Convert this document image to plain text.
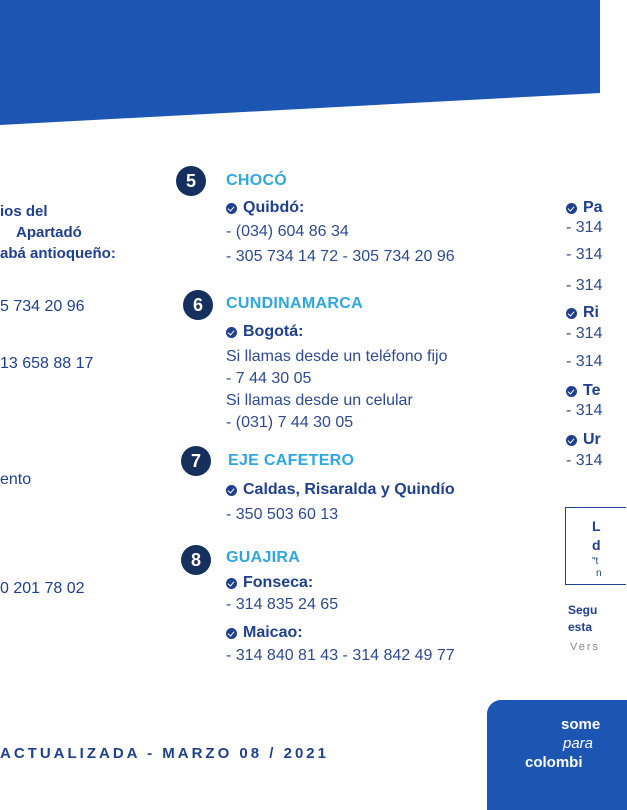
ios del
Apartadó
abá antioqueño:
5 734 20 96
13 658 88 17
ento
0 201 78 02
5	CHOCÓ
Quibdó:
- (034) 604 86 34
- 305 734 14 72 - 305 734 20 96
6	CUNDINAMARCA
Bogotá:
Si llamas desde un teléfono fijo
- 7 44 30 05
Si llamas desde un celular
- (031) 7 44 30 05
7	EJE CAFETERO
Caldas, Risaralda y Quindío
- 350 503 60 13
8	GUAJIRA
Fonseca:
- 314 835 24 65
Maicao:
- 314 840 81 43 - 314 842 49 77
Pa
- 314
- 314
- 314
Ri
- 314
- 314
Te
- 314
Ur
- 314
L
d
"t
n
Segu
esta
Vers
ACTUALIZADA - MARZO 08 / 2021
some
para
colombi
